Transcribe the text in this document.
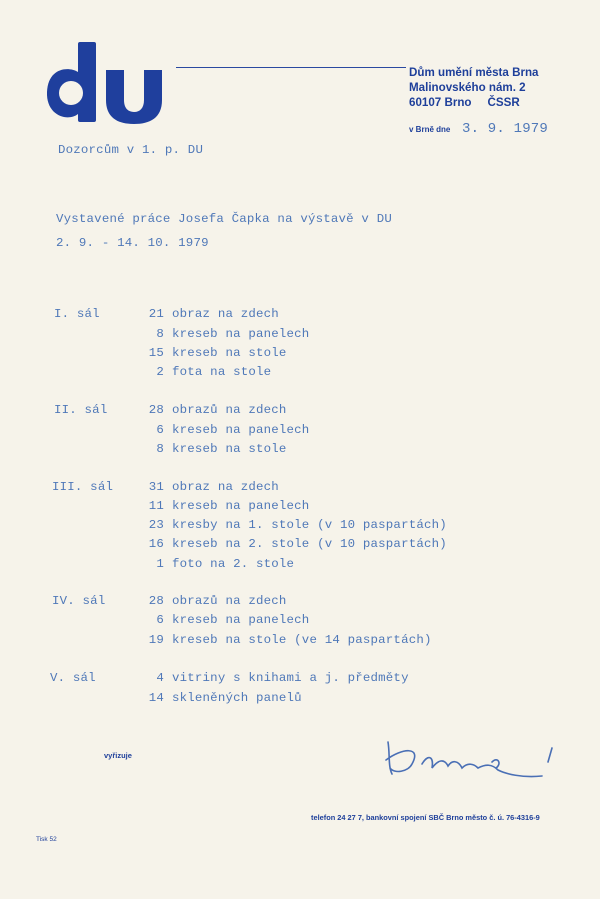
Dům umění města Brna
Malinovského nám. 2
60107 Brno ČSSR
v Brně dne 3. 9. 1979
Dozorcům v 1. p. DU
Vystavené práce Josefa Čapka na výstavě v DU
2. 9. - 14. 10. 1979
I. sál	21 obraz na zdech
8 kreseb na panelech
15 kreseb na stole
2 fota na stole
II. sál	28 obrazů na zdech
6 kreseb na panelech
8 kreseb na stole
III. sál	31 obraz na zdech
11 kreseb na panelech
23 kresby na 1. stole (v 10 paspartách)
16 kreseb na 2. stole (v 10 paspartách)
1 foto na 2. stole
IV. sál	28 obrazů na zdech
6 kreseb na panelech
19 kreseb na stole (ve 14 paspartách)
V. sál	4 vitriny s knihami a j. předměty
14 skleněných panelů
vyřizuje
telefon 24 27 7, bankovní spojení SBČ Brno město č. ú. 76-4316-9
Tisk 52
